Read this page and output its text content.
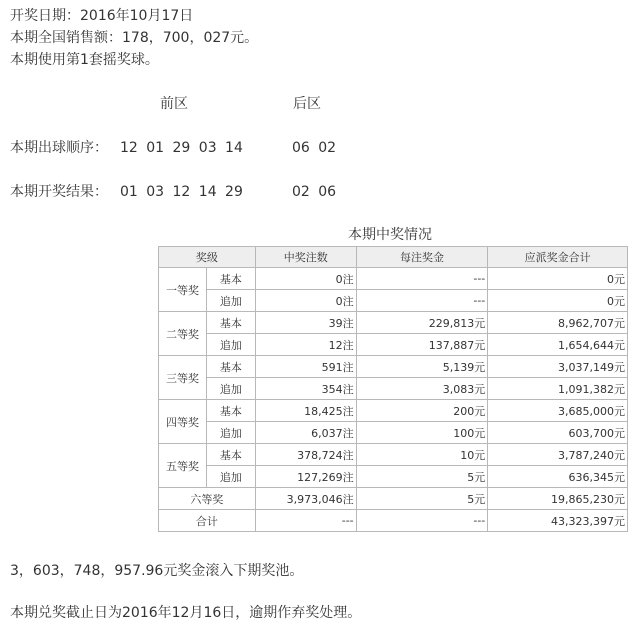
开奖日期：2016年10月17日
本期全国销售额：178，700，027元。
本期使用第1套摇奖球。
前区	后区
本期出球顺序： 12 01 29 03 14	06 02
本期开奖结果： 01 03 12 14 29	02 06
本期中奖情况
奖级		中奖注数	每注奖金	应派奖金合计
一等奖	基本	0注	---	0元
	追加	0注	---	0元
二等奖	基本	39注	229,813元	8,962,707元
	追加	12注	137,887元	1,654,644元
三等奖	基本	591注	5,139元	3,037,149元
	追加	354注	3,083元	1,091,382元
四等奖	基本	18,425注	200元	3,685,000元
	追加	6,037注	100元	603,700元
五等奖	基本	378,724注	10元	3,787,240元
	追加	127,269注	5元	636,345元
六等奖		3,973,046注	5元	19,865,230元
合计		---	---	43,323,397元
3，603，748，957.96元奖金滚入下期奖池。
本期兑奖截止日为2016年12月16日，逾期作弃奖处理。
